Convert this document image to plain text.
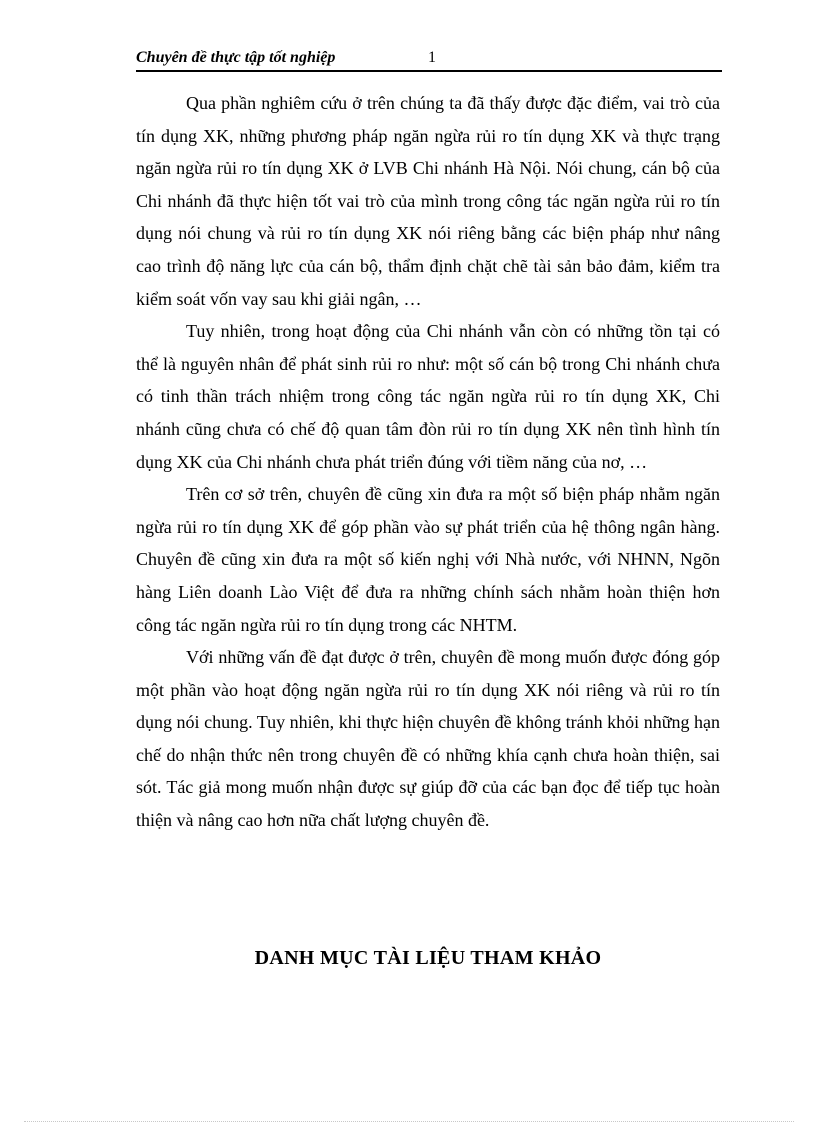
Chuyên đề thực tập tốt nghiệp	1

Qua phần nghiêm cứu ở trên chúng ta đã thấy được đặc điểm, vai trò của tín dụng XK, những phương pháp ngăn ngừa rủi ro tín dụng XK và thực trạng ngăn ngừa rủi ro tín dụng XK ở LVB Chi nhánh Hà Nội. Nói chung, cán bộ của Chi nhánh đã thực hiện tốt vai trò của mình trong công tác ngăn ngừa rủi ro tín dụng nói chung và rủi ro tín dụng XK nói riêng bằng các biện pháp như nâng cao trình độ năng lực của cán bộ, thẩm định chặt chẽ tài sản bảo đảm, kiểm tra kiểm soát vốn vay sau khi giải ngân, …

Tuy nhiên, trong hoạt động của Chi nhánh vẫn còn có những tồn tại có thể là nguyên nhân để phát sinh rủi ro như: một số cán bộ trong Chi nhánh chưa có tinh thần trách nhiệm trong công tác ngăn ngừa rủi ro tín dụng XK, Chi nhánh cũng chưa có chế độ quan tâm đòn rủi ro tín dụng XK nên tình hình tín dụng XK của Chi nhánh chưa phát triển đúng với tiềm năng của nơ, …

Trên cơ sở trên, chuyên đề cũng xin đưa ra một số biện pháp nhằm ngăn ngừa rủi ro tín dụng XK để góp phần vào sự phát triển của hệ thông ngân hàng. Chuyên đề cũng xin đưa ra một số kiến nghị với Nhà nước, với NHNN, Ngõn hàng Liên doanh Lào Việt để đưa ra những chính sách nhằm hoàn thiện hơn công tác ngăn ngừa rủi ro tín dụng trong các NHTM.

Với những vấn đề đạt được ở trên, chuyên đề mong muốn được đóng góp một phần vào hoạt động ngăn ngừa rủi ro tín dụng XK nói riêng và rủi ro tín dụng nói chung. Tuy nhiên, khi thực hiện chuyên đề không tránh khỏi những hạn chế do nhận thức nên trong chuyên đề có những khía cạnh chưa hoàn thiện, sai sót. Tác giả mong muốn nhận được sự giúp đỡ của các bạn đọc để tiếp tục hoàn thiện và nâng cao hơn nữa chất lượng chuyên đề.

DANH MỤC TÀI LIỆU THAM KHẢO
